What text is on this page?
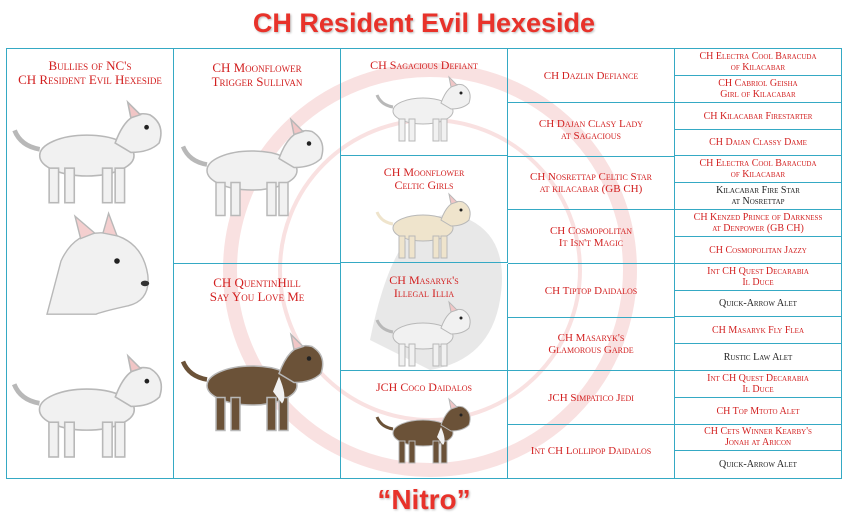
CH Resident Evil Hexeside
Bullies of NC's
CH Resident Evil Hexeside
CH Moonflower
Trigger Sullivan
CH QuentinHill
Say You Love Me
CH Sagacious Defiant
CH Moonflower
Celtic Girls
CH Masaryk's
Illegal Illia
JCH Coco Daidalos
CH Dazlin Defiance
CH Dajan Clasy Lady
at Sagacious
CH Nosrettap Celtic Star
at kilacabar (GB CH)
CH Cosmopolitan
It Isn't Magic
CH Tiptop Daidalos
CH Masaryk's
Glamorous Garde
JCH Simpatico Jedi
Int CH Lollipop Daidalos
CH Electra Cool Baracuda
of Kilacabar
CH Cabriol Geisha
Girl of Kilacabar
CH Kilacabar Firestarter
CH Daian Classy Dame
CH Electra Cool Baracuda
of Kilacabar
Kilacabar Fire Star
at Nosrettap
CH Kenzed Prince of Darkness
at Denpower (GB CH)
CH Cosmopolitan Jazzy
Int CH Quest Decarabia
Il Duce
Quick-Arrow Alet
CH Masaryk Fly Flea
Rustic Law Alet
Int CH Quest Decarabia
Il Duce
CH Top Mtoto Alet
CH Cets Winner Kearby's
Jonah at Aricon
Quick-Arrow Alet
“Nitro”
